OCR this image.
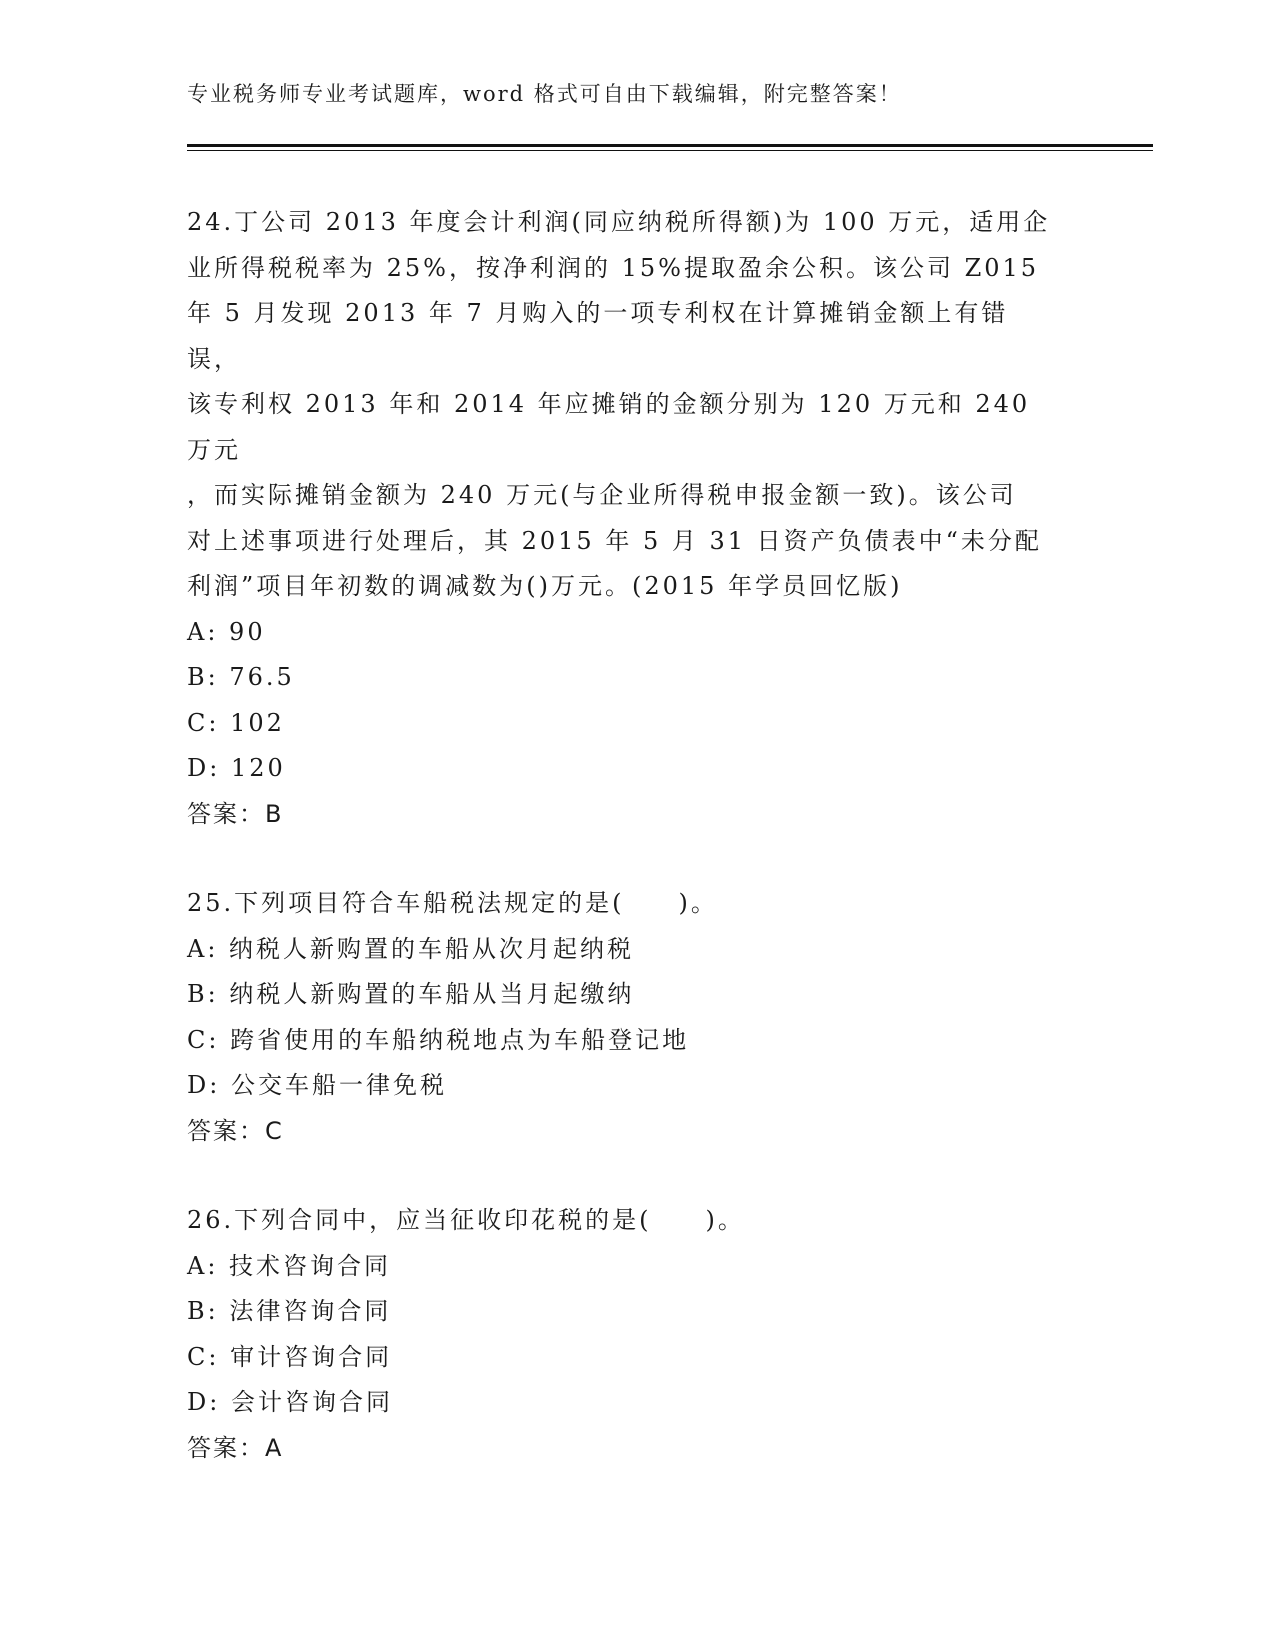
专业税务师专业考试题库，word 格式可自由下载编辑，附完整答案！

24.丁公司 2013 年度会计利润(同应纳税所得额)为 100 万元，适用企

业所得税税率为 25%，按净利润的 15%提取盈余公积。该公司 Z015

年 5 月发现 2013 年 7 月购入的一项专利权在计算摊销金额上有错误，

该专利权 2013 年和 2014 年应摊销的金额分别为 120 万元和 240 万元

，而实际摊销金额为 240 万元(与企业所得税申报金额一致)。该公司

对上述事项进行处理后，其 2015 年 5 月 31 日资产负债表中“未分配

利润”项目年初数的调减数为()万元。(2015 年学员回忆版)

A: 90

B: 76.5

C: 102

D: 120

答案：B

25.下列项目符合车船税法规定的是(　　)。

A: 纳税人新购置的车船从次月起纳税

B: 纳税人新购置的车船从当月起缴纳

C: 跨省使用的车船纳税地点为车船登记地

D: 公交车船一律免税

答案：C

26.下列合同中，应当征收印花税的是(　　)。

A: 技术咨询合同

B: 法律咨询合同

C: 审计咨询合同

D: 会计咨询合同

答案：A
